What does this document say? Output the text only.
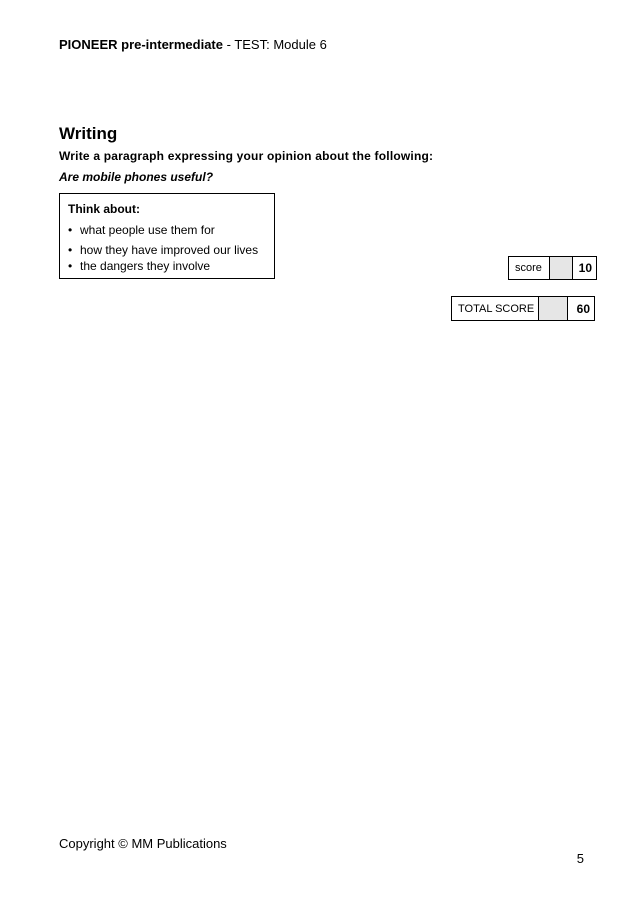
PIONEER pre-intermediate - TEST: Module 6
Writing
Write a paragraph expressing your opinion about the following:
Are mobile phones useful?
Think about:
• what people use them for
• how they have improved our lives
• the dangers they involve	score	10
TOTAL SCORE	60
Copyright © MM Publications
5
